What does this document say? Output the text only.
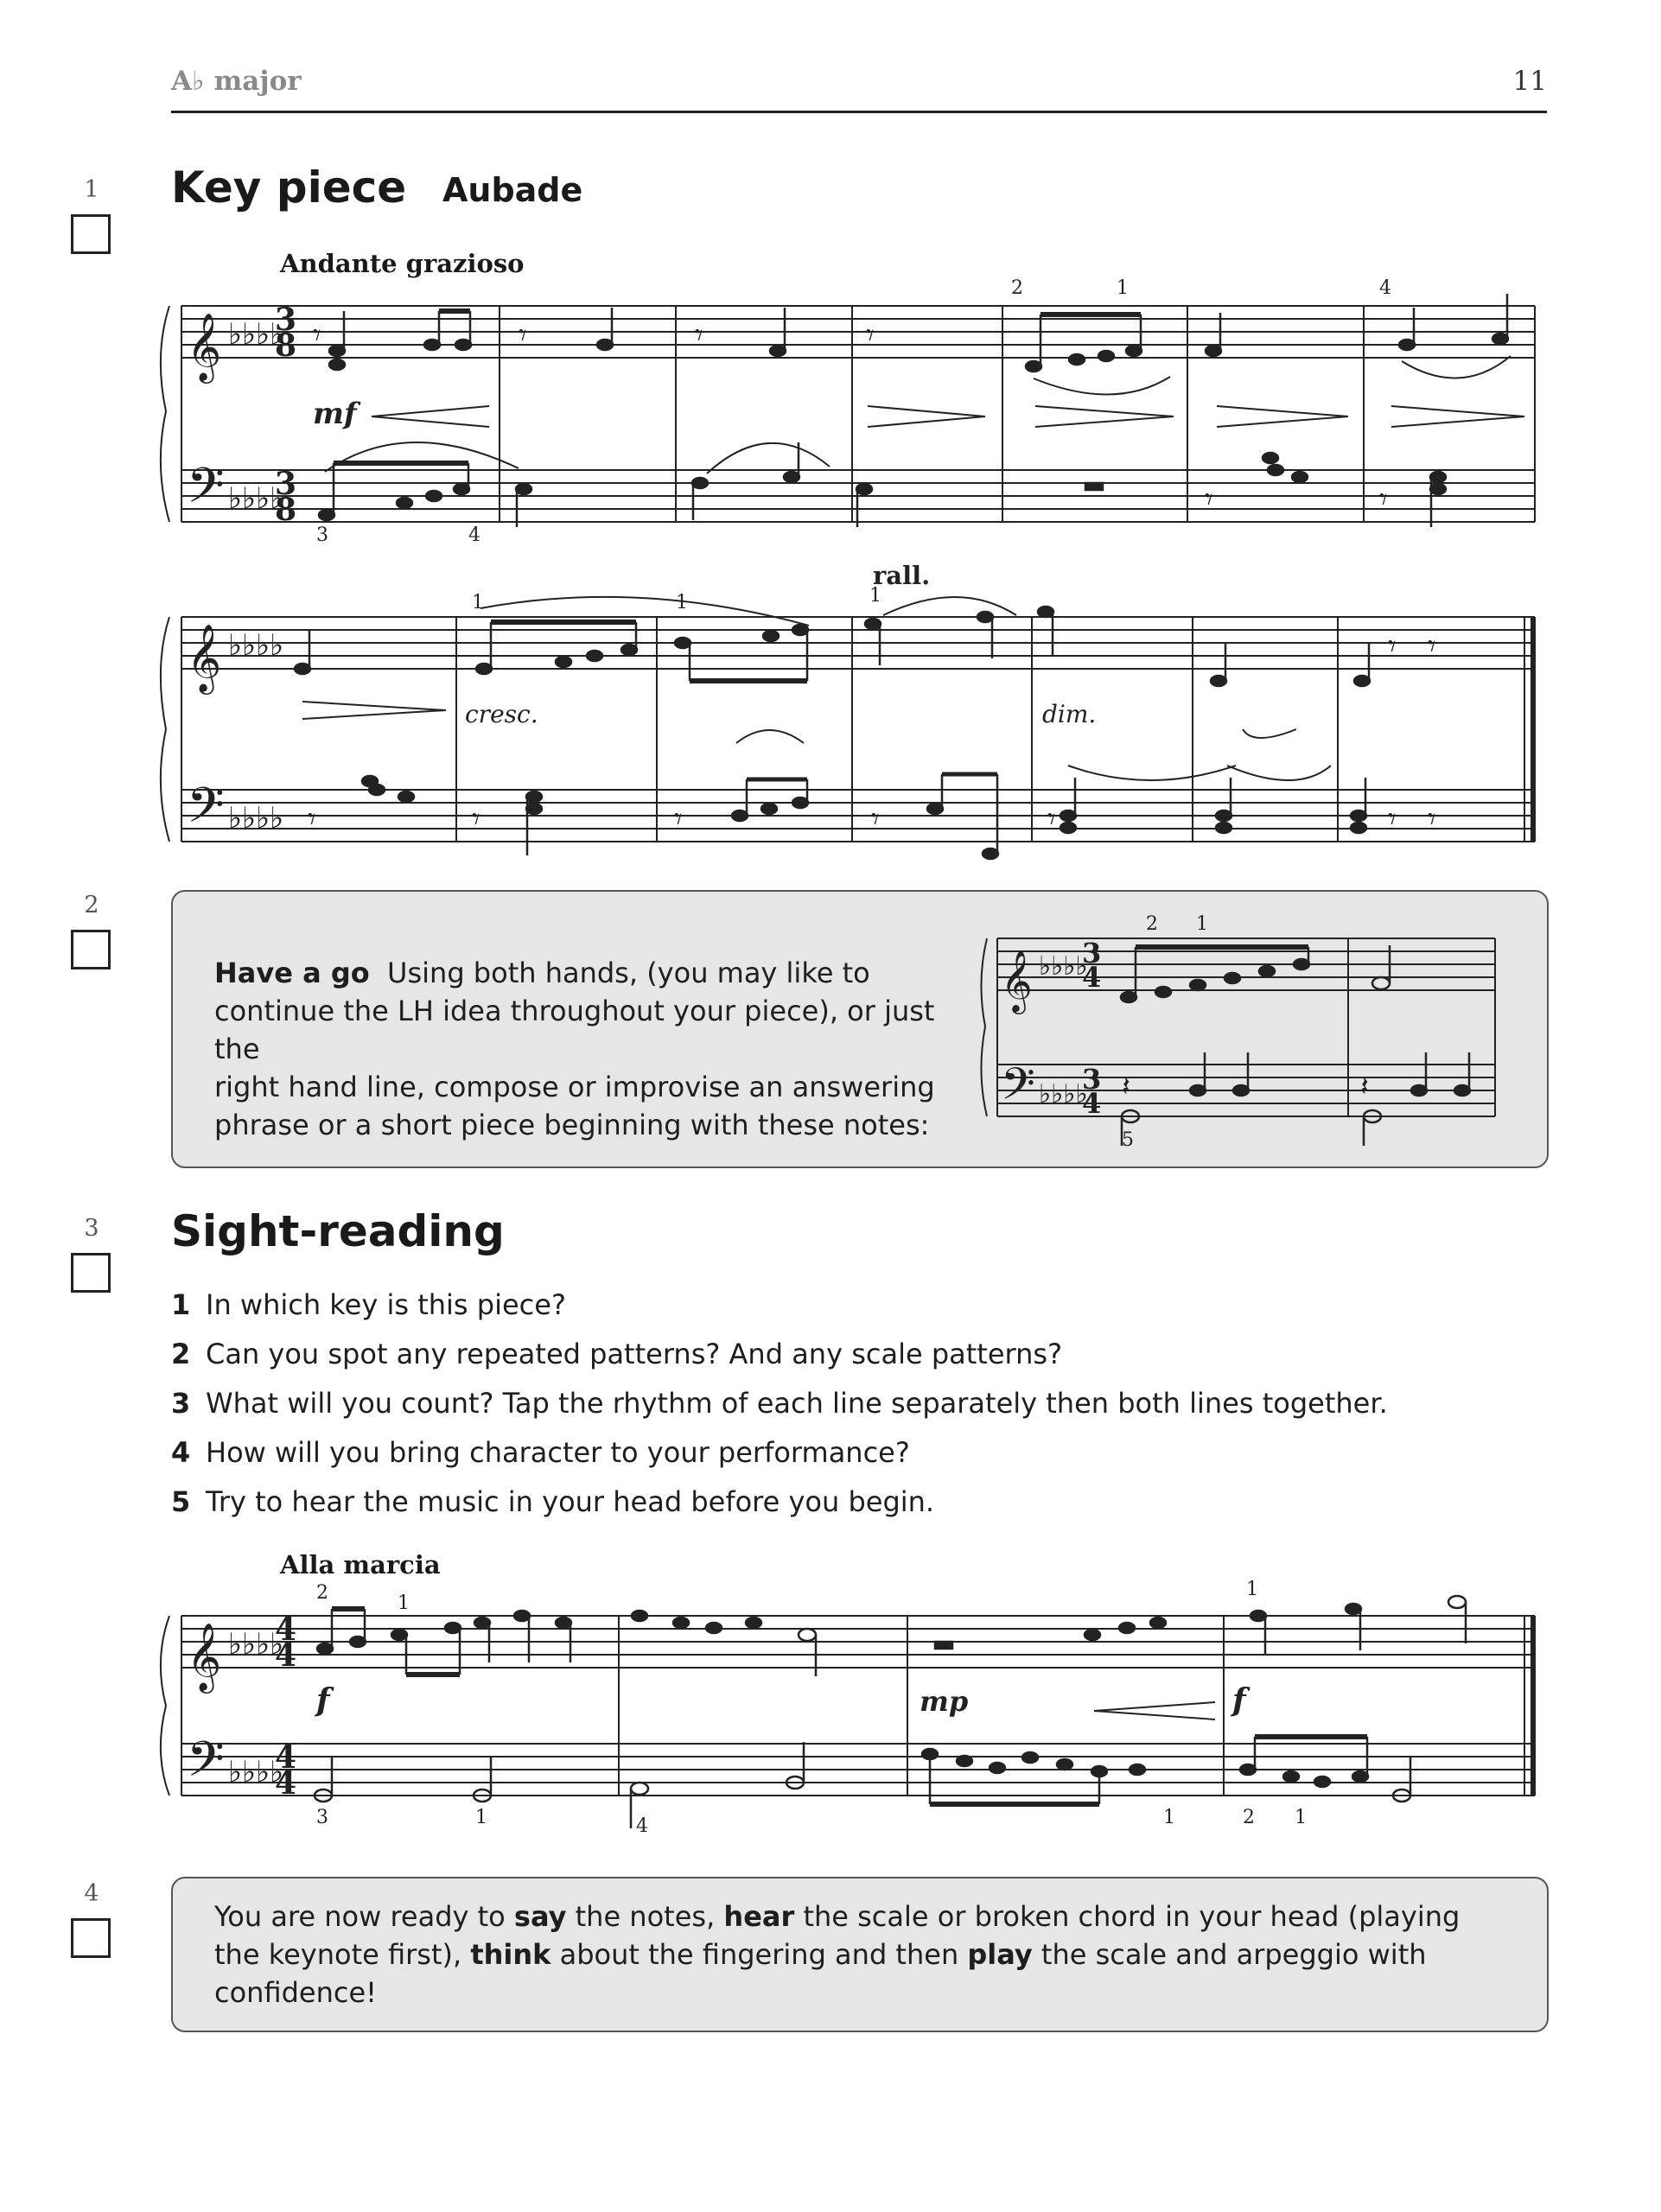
A♭ major	11
1	Key piece Aubade
Andante grazioso
𝄞
𝄢
𝄞
𝄢
♭♭♭♭
♭♭♭♭
♭♭♭♭
♭♭♭♭
3
8
3
8
𝄾	𝄾	𝄾	𝄾
𝄾	𝄾
𝄾 𝄾
𝄾	𝄾	𝄾	𝄾	𝄾	𝄾 𝄾
mf
cresc.	dim.
rall.
2	1	4
3	4
1	1	1
2
Have a go Using both hands, (you may like to
continue the LH idea throughout your piece), or just the
right hand line, compose or improvise an answering
phrase or a short piece beginning with these notes:
𝄞
𝄢
♭♭♭♭
♭♭♭♭
3
4
3
4
𝄽	𝄽
2 1
5
3	Sight-reading
1 In which key is this piece?
2 Can you spot any repeated patterns? And any scale patterns?
3 What will you count? Tap the rhythm of each line separately then both lines together.
4 How will you bring character to your performance?
5 Try to hear the music in your head before you begin.
Alla marcia
𝄞
𝄢
♭♭♭♭
♭♭♭♭
4
4
4
4
f	mp	f
2	1
1
3	1	4	1	2 1
4
You are now ready to say the notes, hear the scale or broken chord in your head (playing
the keynote first), think about the fingering and then play the scale and arpeggio with
confidence!
